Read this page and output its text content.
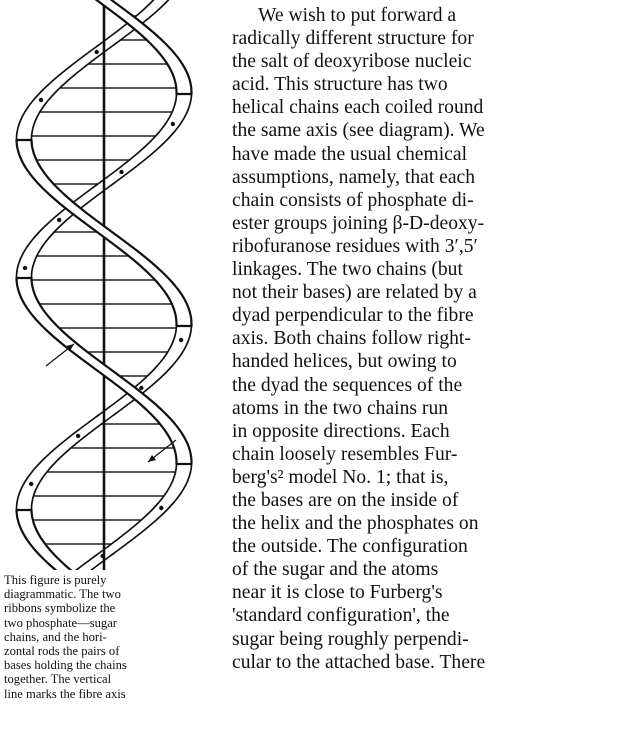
This figure is purely
diagrammatic. The two
ribbons symbolize the
two phosphate—sugar
chains, and the hori-
zontal rods the pairs of
bases holding the chains
together. The vertical
line marks the fibre axis
We wish to put forward a
radically different structure for
the salt of deoxyribose nucleic
acid. This structure has two
helical chains each coiled round
the same axis (see diagram). We
have made the usual chemical
assumptions, namely, that each
chain consists of phosphate di-
ester groups joining β-D-deoxy-
ribofuranose residues with 3′,5′
linkages. The two chains (but
not their bases) are related by a
dyad perpendicular to the fibre
axis. Both chains follow right-
handed helices, but owing to
the dyad the sequences of the
atoms in the two chains run
in opposite directions. Each
chain loosely resembles Fur-
berg's² model No. 1; that is,
the bases are on the inside of
the helix and the phosphates on
the outside. The configuration
of the sugar and the atoms
near it is close to Furberg's
'standard configuration', the
sugar being roughly perpendi-
cular to the attached base. There
